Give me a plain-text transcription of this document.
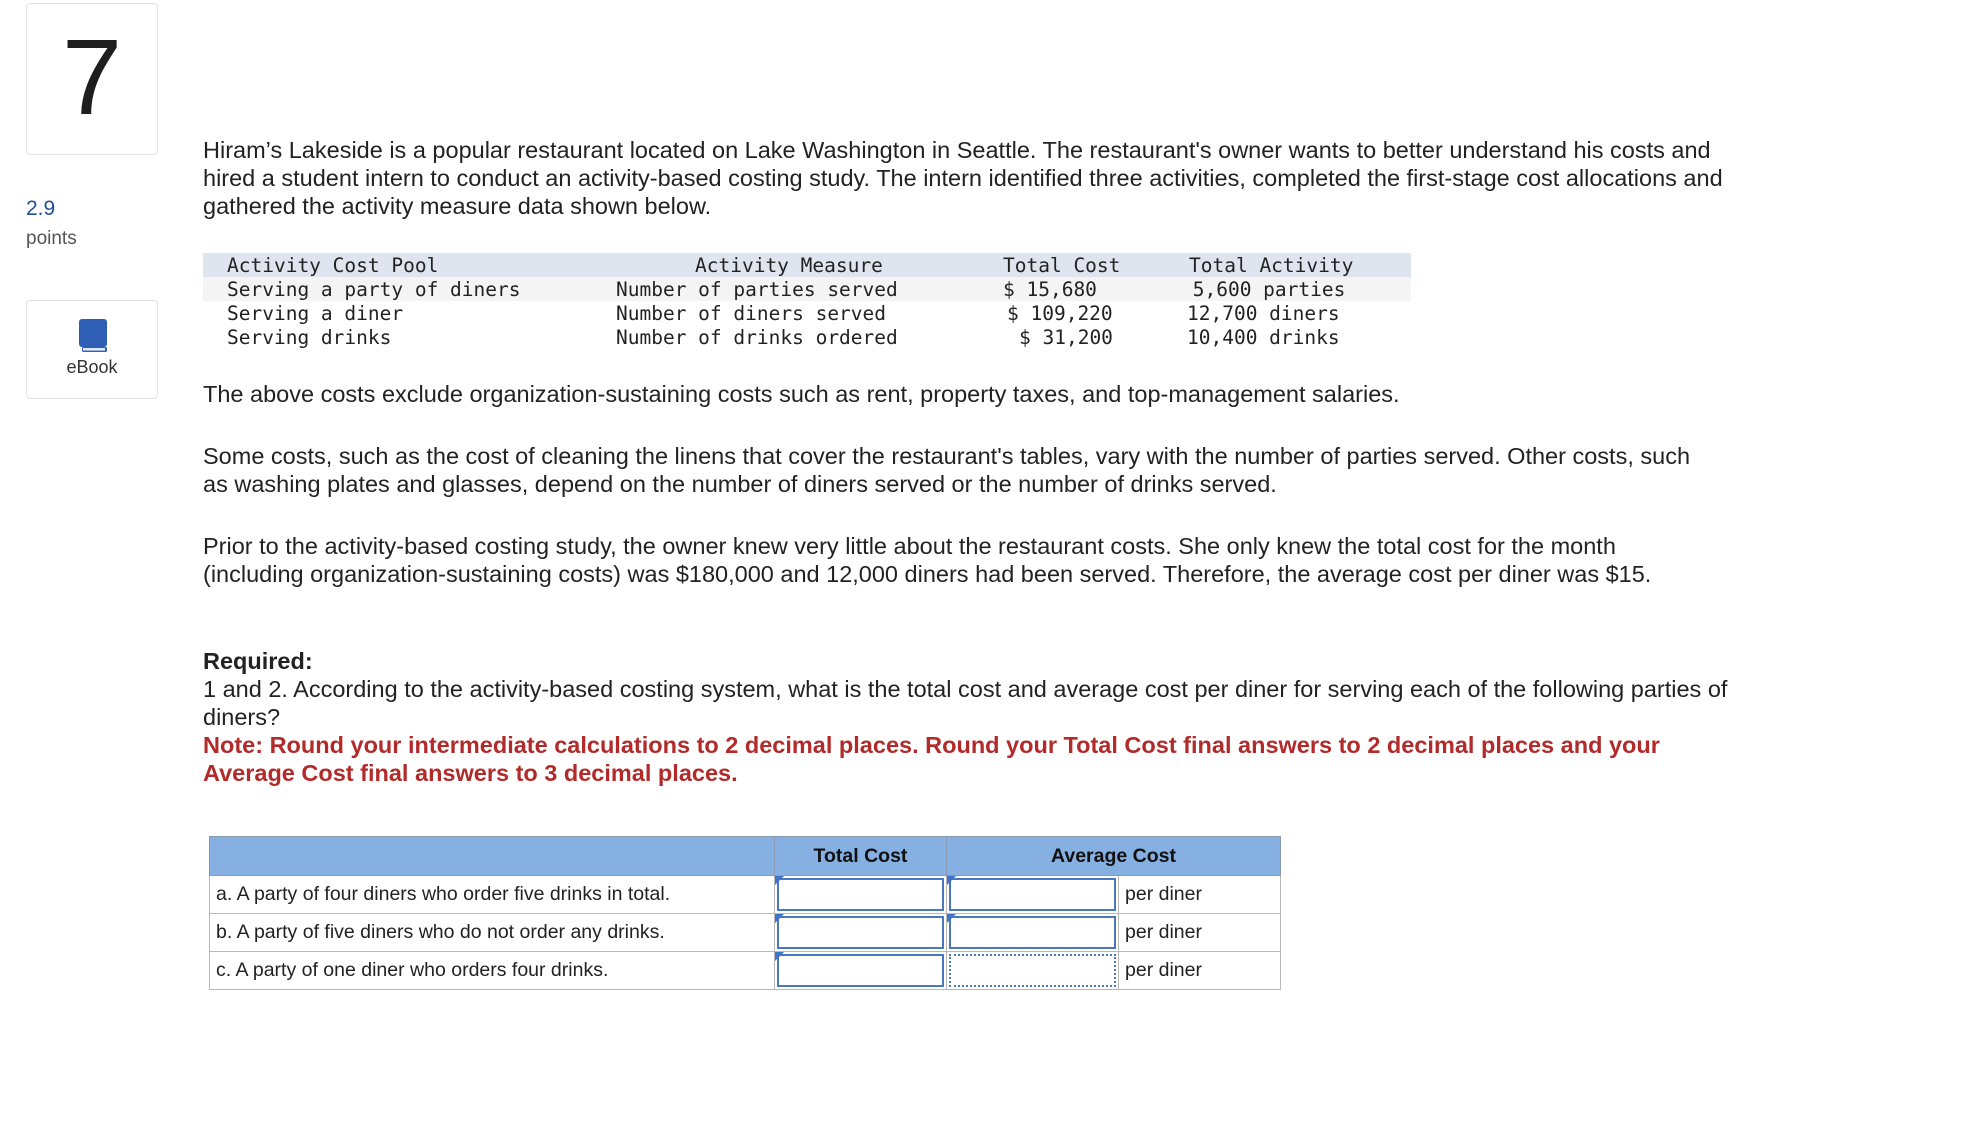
7
2.9
points
eBook

Hiram’s Lakeside is a popular restaurant located on Lake Washington in Seattle. The restaurant's owner wants to better understand his costs and hired a student intern to conduct an activity-based costing study. The intern identified three activities, completed the first-stage cost allocations and gathered the activity measure data shown below.

The above costs exclude organization-sustaining costs such as rent, property taxes, and top-management salaries.

Some costs, such as the cost of cleaning the linens that cover the restaurant's tables, vary with the number of parties served. Other costs, such as washing plates and glasses, depend on the number of diners served or the number of drinks served.

Prior to the activity-based costing study, the owner knew very little about the restaurant costs. She only knew the total cost for the month (including organization-sustaining costs) was $180,000 and 12,000 diners had been served. Therefore, the average cost per diner was $15.

Required:
1 and 2. According to the activity-based costing system, what is the total cost and average cost per diner for serving each of the following parties of diners?
Note: Round your intermediate calculations to 2 decimal places. Round your Total Cost final answers to 2 decimal places and your Average Cost final answers to 3 decimal places.
Activity Cost Pool	Activity Measure	Total Cost	Total Activity
Serving a party of diners	Number of parties served	$ 15,680	5,600 parties
Serving a diner	Number of diners served	$ 109,220	12,700 diners
Serving drinks	Number of drinks ordered	$ 31,200	10,400 drinks
	Total Cost	Average Cost	
a. A party of four diners who order five drinks in total.			per diner
b. A party of five diners who do not order any drinks.			per diner
c. A party of one diner who orders four drinks.			per diner
